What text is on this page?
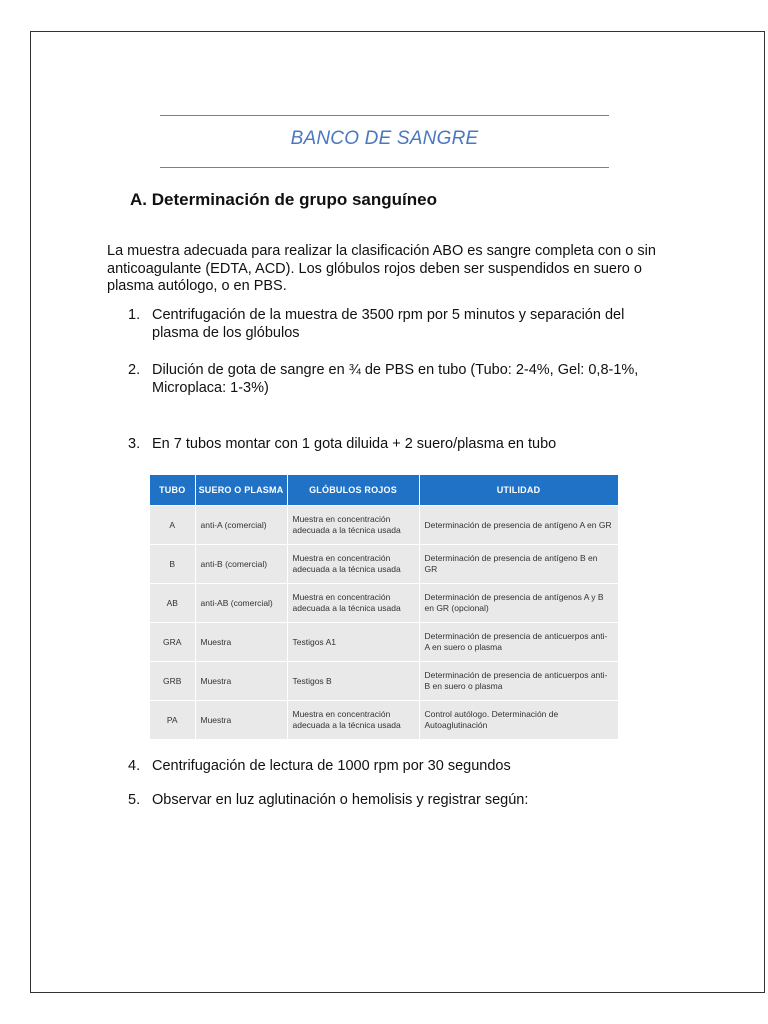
BANCO DE SANGRE
A. Determinación de grupo sanguíneo
La muestra adecuada para realizar la clasificación ABO es sangre completa con o sin anticoagulante (EDTA, ACD). Los glóbulos rojos deben ser suspendidos en suero o plasma autólogo, o en PBS.
1. Centrifugación de la muestra de 3500 rpm por 5 minutos y separación del plasma de los glóbulos
2. Dilución de gota de sangre en ¾ de PBS en tubo (Tubo: 2-4%, Gel: 0,8-1%, Microplaca: 1-3%)
3. En 7 tubos montar con 1 gota diluida + 2 suero/plasma en tubo
TUBO	SUERO O PLASMA	GLÓBULOS ROJOS	UTILIDAD
A	anti-A (comercial)	Muestra en concentración adecuada a la técnica usada	Determinación de presencia de antígeno A en GR
B	anti-B (comercial)	Muestra en concentración adecuada a la técnica usada	Determinación de presencia de antígeno B en GR
AB	anti-AB (comercial)	Muestra en concentración adecuada a la técnica usada	Determinación de presencia de antígenos A y B en GR (opcional)
GRA	Muestra	Testigos A1	Determinación de presencia de anticuerpos anti-A en suero o plasma
GRB	Muestra	Testigos B	Determinación de presencia de anticuerpos anti-B en suero o plasma
PA	Muestra	Muestra en concentración adecuada a la técnica usada	Control autólogo. Determinación de Autoaglutinación
4. Centrifugación de lectura de 1000 rpm por 30 segundos
5. Observar en luz aglutinación o hemolisis y registrar según:
